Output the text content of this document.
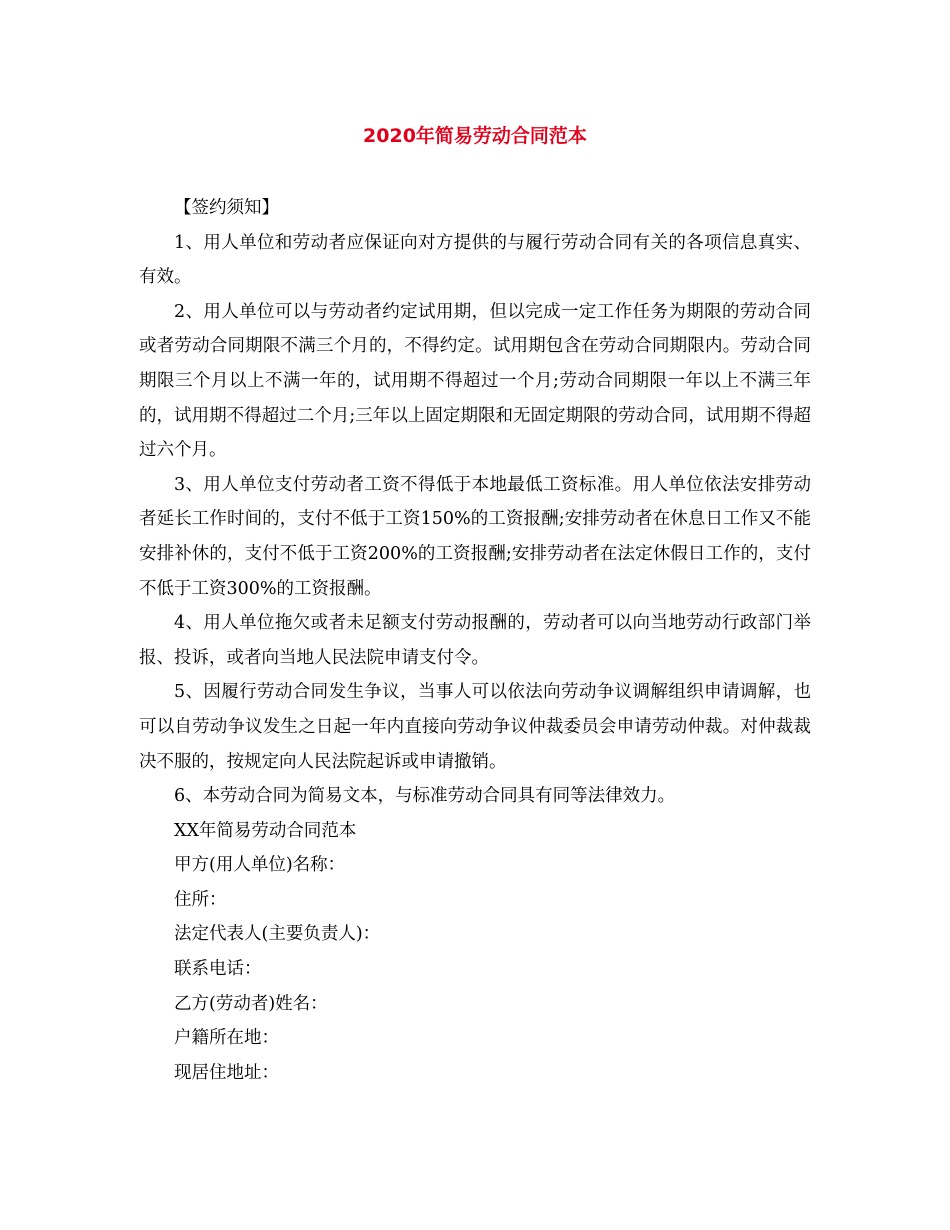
2020年简易劳动合同范本

【签约须知】

1、用人单位和劳动者应保证向对方提供的与履行劳动合同有关的各项信息真实、有效。

2、用人单位可以与劳动者约定试用期，但以完成一定工作任务为期限的劳动合同或者劳动合同期限不满三个月的，不得约定。试用期包含在劳动合同期限内。劳动合同期限三个月以上不满一年的，试用期不得超过一个月;劳动合同期限一年以上不满三年的，试用期不得超过二个月;三年以上固定期限和无固定期限的劳动合同，试用期不得超过六个月。

3、用人单位支付劳动者工资不得低于本地最低工资标准。用人单位依法安排劳动者延长工作时间的，支付不低于工资150%的工资报酬;安排劳动者在休息日工作又不能安排补休的，支付不低于工资200%的工资报酬;安排劳动者在法定休假日工作的，支付不低于工资300%的工资报酬。

4、用人单位拖欠或者未足额支付劳动报酬的，劳动者可以向当地劳动行政部门举报、投诉，或者向当地人民法院申请支付令。

5、因履行劳动合同发生争议，当事人可以依法向劳动争议调解组织申请调解，也可以自劳动争议发生之日起一年内直接向劳动争议仲裁委员会申请劳动仲裁。对仲裁裁决不服的，按规定向人民法院起诉或申请撤销。

6、本劳动合同为简易文本，与标准劳动合同具有同等法律效力。

XX年简易劳动合同范本

甲方(用人单位)名称：

住所：

法定代表人(主要负责人)：

联系电话：

乙方(劳动者)姓名：

户籍所在地：

现居住地址：
